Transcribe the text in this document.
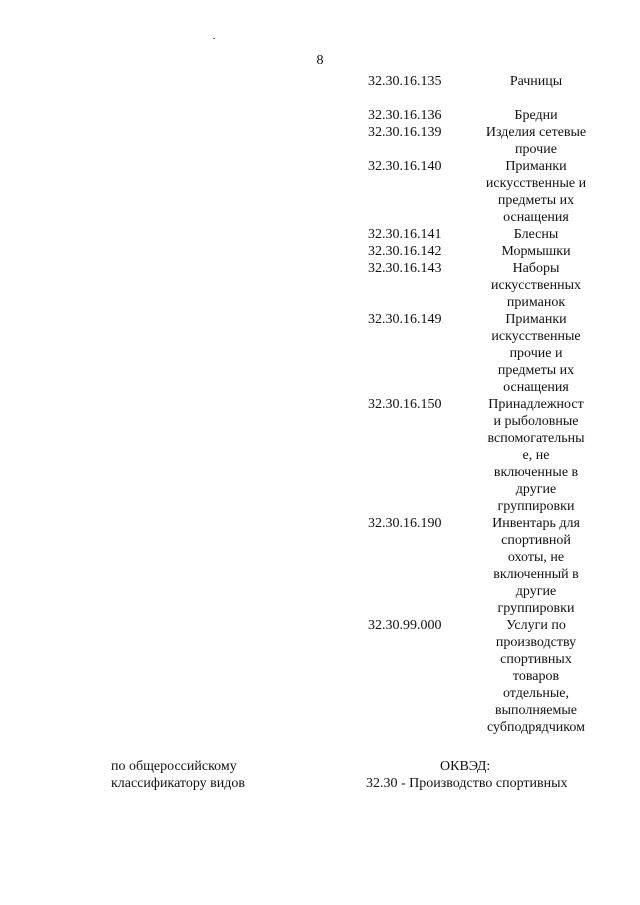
8
32.30.16.135	Рачницы
32.30.16.136	Бредни
32.30.16.139	Изделия сетевые
прочие
32.30.16.140	Приманки
искусственные и
предметы их
оснащения
32.30.16.141	Блесны
32.30.16.142	Мормышки
32.30.16.143	Наборы
искусственных
приманок
32.30.16.149	Приманки
искусственные
прочие и
предметы их
оснащения
32.30.16.150	Принадлежност
и рыболовные
вспомогательны
е, не
включенные в
другие
группировки
32.30.16.190	Инвентарь для
спортивной
охоты, не
включенный в
другие
группировки
32.30.99.000	Услуги по
производству
спортивных
товаров
отдельные,
выполняемые
субподрядчиком
по общероссийскому
классификатору видов
ОКВЭД:
32.30 - Производство спортивных
